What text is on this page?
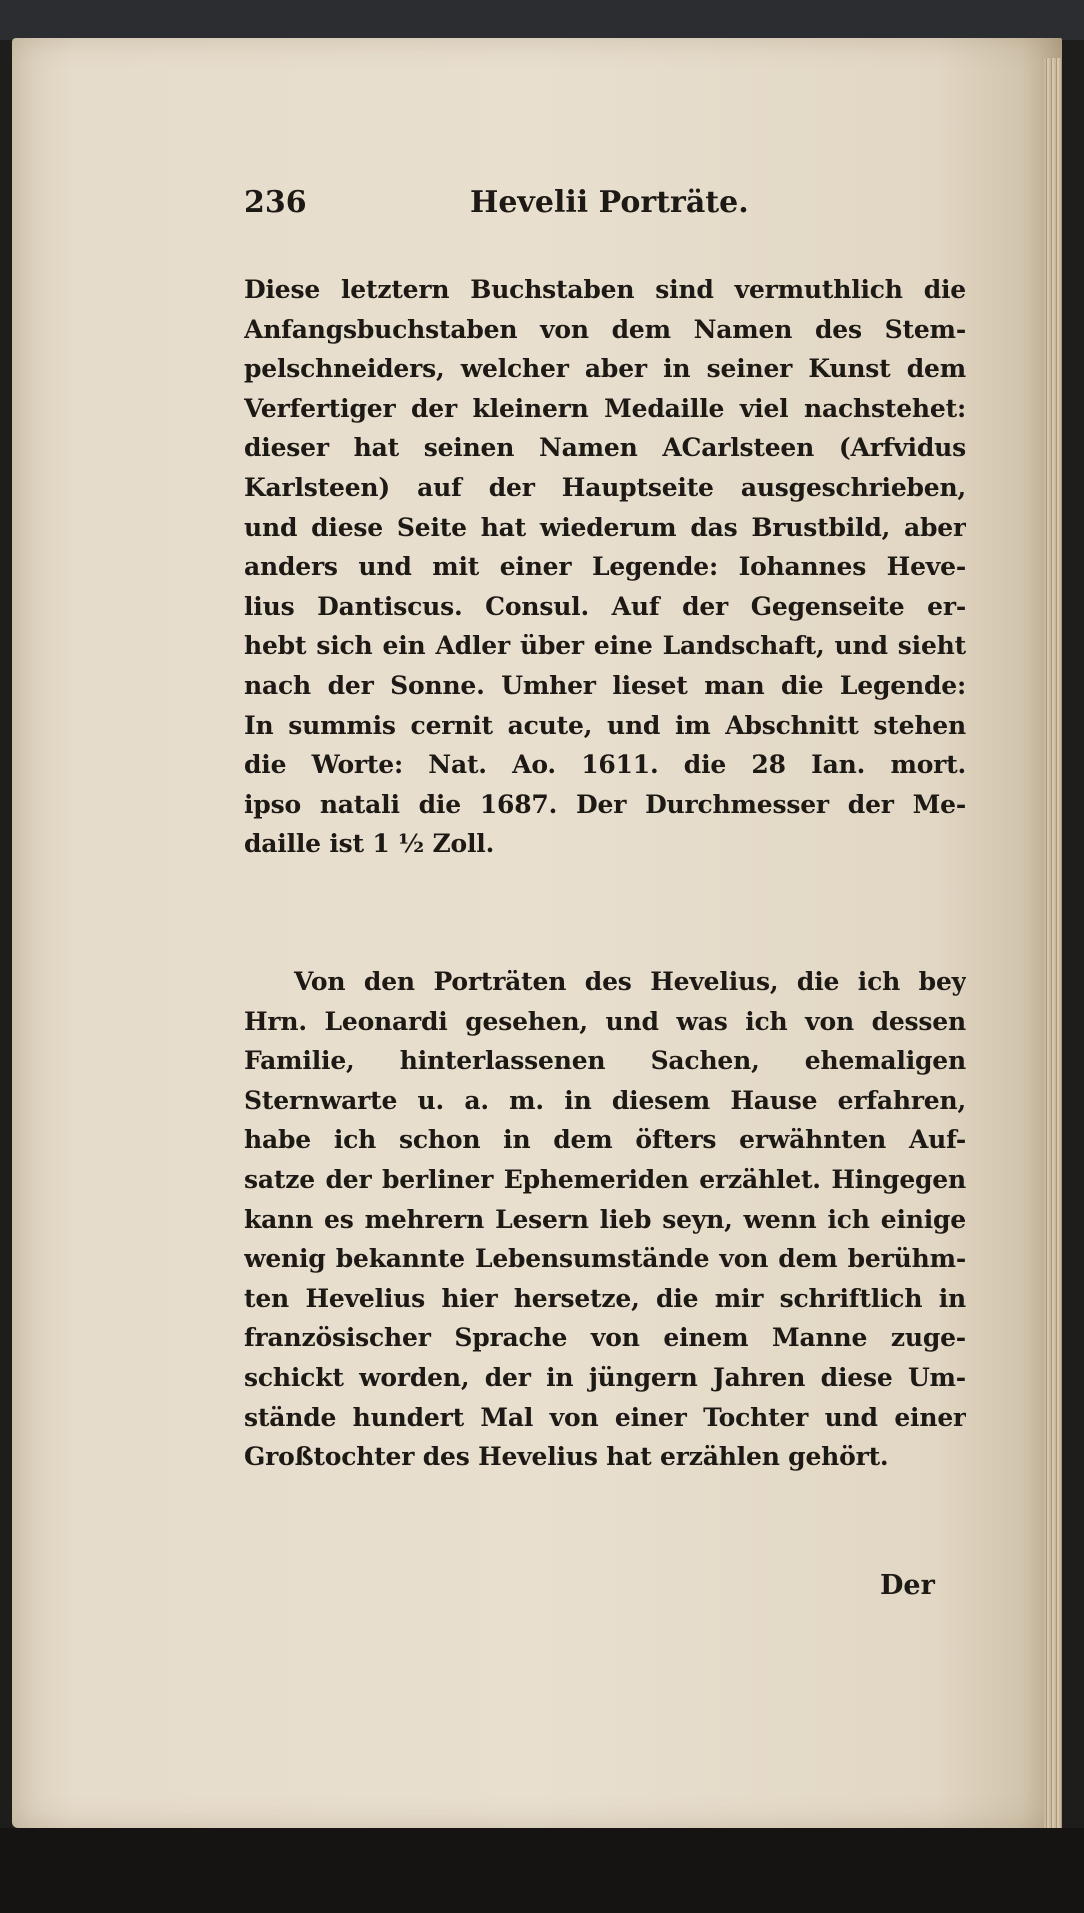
236	Hevelii Porträte.
Diese letztern Buchstaben sind vermuthlich die
Anfangsbuchstaben von dem Namen des Stem-
pelschneiders, welcher aber in seiner Kunst dem
Verfertiger der kleinern Medaille viel nachstehet:
dieser hat seinen Namen ACarlsteen (Arfvidus
Karlsteen) auf der Hauptseite ausgeschrieben,
und diese Seite hat wiederum das Brustbild, aber
anders und mit einer Legende: Iohannes Heve-
lius Dantiscus. Consul. Auf der Gegenseite er-
hebt sich ein Adler über eine Landschaft, und sieht
nach der Sonne. Umher lieset man die Legende:
In summis cernit acute, und im Abschnitt stehen
die Worte: Nat. Ao. 1611. die 28 Ian. mort.
ipso natali die 1687. Der Durchmesser der Me-
daille ist 1 ½ Zoll.
Von den Porträten des Hevelius, die ich bey
Hrn. Leonardi gesehen, und was ich von dessen
Familie, hinterlassenen Sachen, ehemaligen
Sternwarte u. a. m. in diesem Hause erfahren,
habe ich schon in dem öfters erwähnten Auf-
satze der berliner Ephemeriden erzählet. Hingegen
kann es mehrern Lesern lieb seyn, wenn ich einige
wenig bekannte Lebensumstände von dem berühm-
ten Hevelius hier hersetze, die mir schriftlich in
französischer Sprache von einem Manne zuge-
schickt worden, der in jüngern Jahren diese Um-
stände hundert Mal von einer Tochter und einer
Großtochter des Hevelius hat erzählen gehört.
Der
